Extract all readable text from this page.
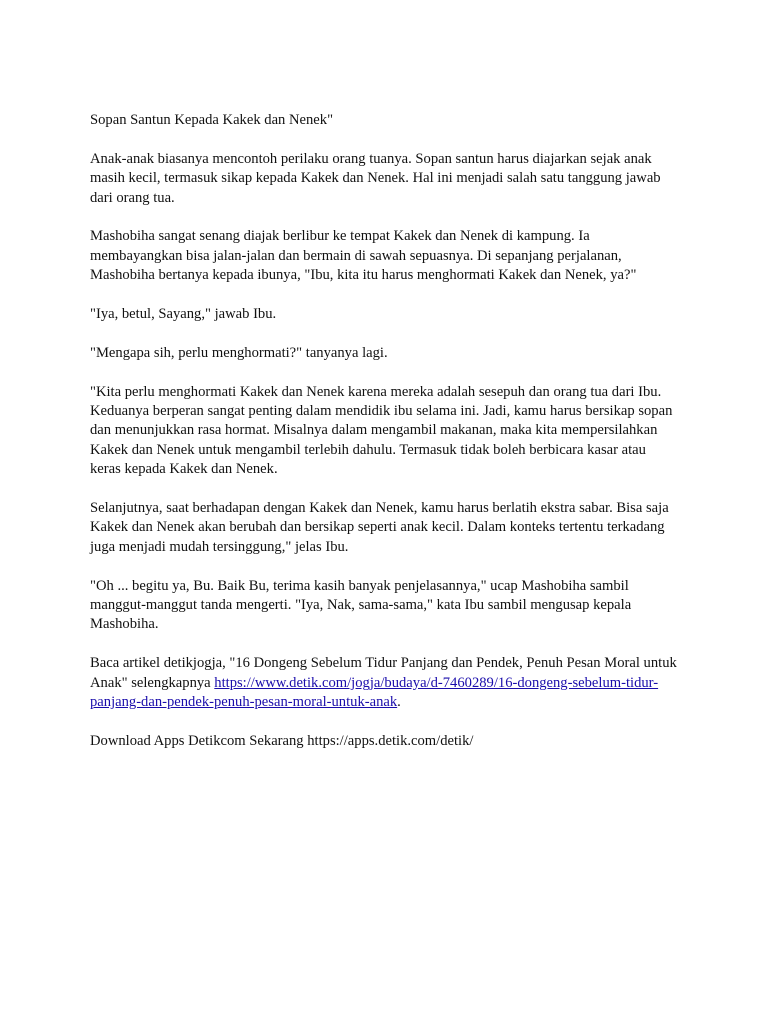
Sopan Santun Kepada Kakek dan Nenek"

Anak-anak biasanya mencontoh perilaku orang tuanya. Sopan santun harus diajarkan sejak anak masih kecil, termasuk sikap kepada Kakek dan Nenek. Hal ini menjadi salah satu tanggung jawab dari orang tua.

Mashobiha sangat senang diajak berlibur ke tempat Kakek dan Nenek di kampung. Ia membayangkan bisa jalan-jalan dan bermain di sawah sepuasnya. Di sepanjang perjalanan, Mashobiha bertanya kepada ibunya, "Ibu, kita itu harus menghormati Kakek dan Nenek, ya?"

"Iya, betul, Sayang," jawab Ibu.

"Mengapa sih, perlu menghormati?" tanyanya lagi.

"Kita perlu menghormati Kakek dan Nenek karena mereka adalah sesepuh dan orang tua dari Ibu. Keduanya berperan sangat penting dalam mendidik ibu selama ini. Jadi, kamu harus bersikap sopan dan menunjukkan rasa hormat. Misalnya dalam mengambil makanan, maka kita mempersilahkan Kakek dan Nenek untuk mengambil terlebih dahulu. Termasuk tidak boleh berbicara kasar atau keras kepada Kakek dan Nenek.

Selanjutnya, saat berhadapan dengan Kakek dan Nenek, kamu harus berlatih ekstra sabar. Bisa saja Kakek dan Nenek akan berubah dan bersikap seperti anak kecil. Dalam konteks tertentu terkadang juga menjadi mudah tersinggung," jelas Ibu.

"Oh ... begitu ya, Bu. Baik Bu, terima kasih banyak penjelasannya," ucap Mashobiha sambil manggut-manggut tanda mengerti. "Iya, Nak, sama-sama," kata Ibu sambil mengusap kepala Mashobiha.

Baca artikel detikjogja, "16 Dongeng Sebelum Tidur Panjang dan Pendek, Penuh Pesan Moral untuk Anak" selengkapnya https://www.detik.com/jogja/budaya/d-7460289/16-dongeng-sebelum-tidur-panjang-dan-pendek-penuh-pesan-moral-untuk-anak.

Download Apps Detikcom Sekarang https://apps.detik.com/detik/
